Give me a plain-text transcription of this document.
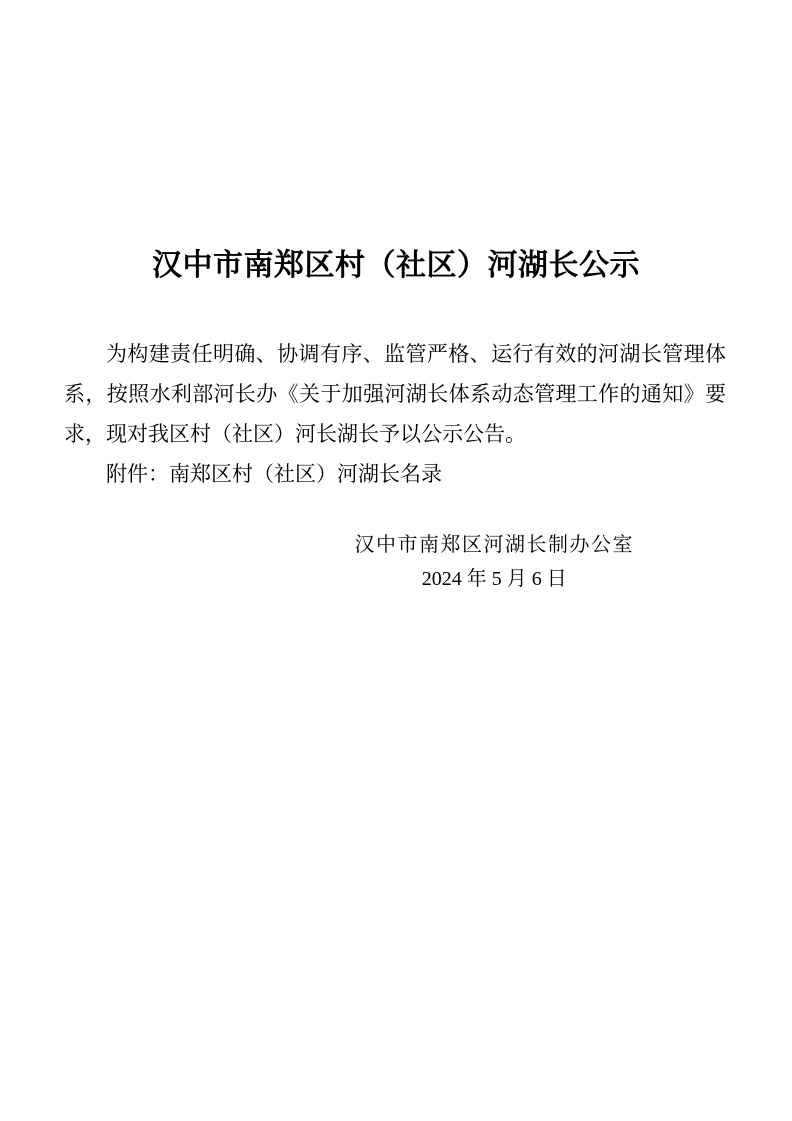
汉中市南郑区村（社区）河湖长公示

为构建责任明确、协调有序、监管严格、运行有效的河湖长管理体系，按照水利部河长办《关于加强河湖长体系动态管理工作的通知》要求，现对我区村（社区）河长湖长予以公示公告。

附件：南郑区村（社区）河湖长名录

汉中市南郑区河湖长制办公室
2024 年 5 月 6 日
